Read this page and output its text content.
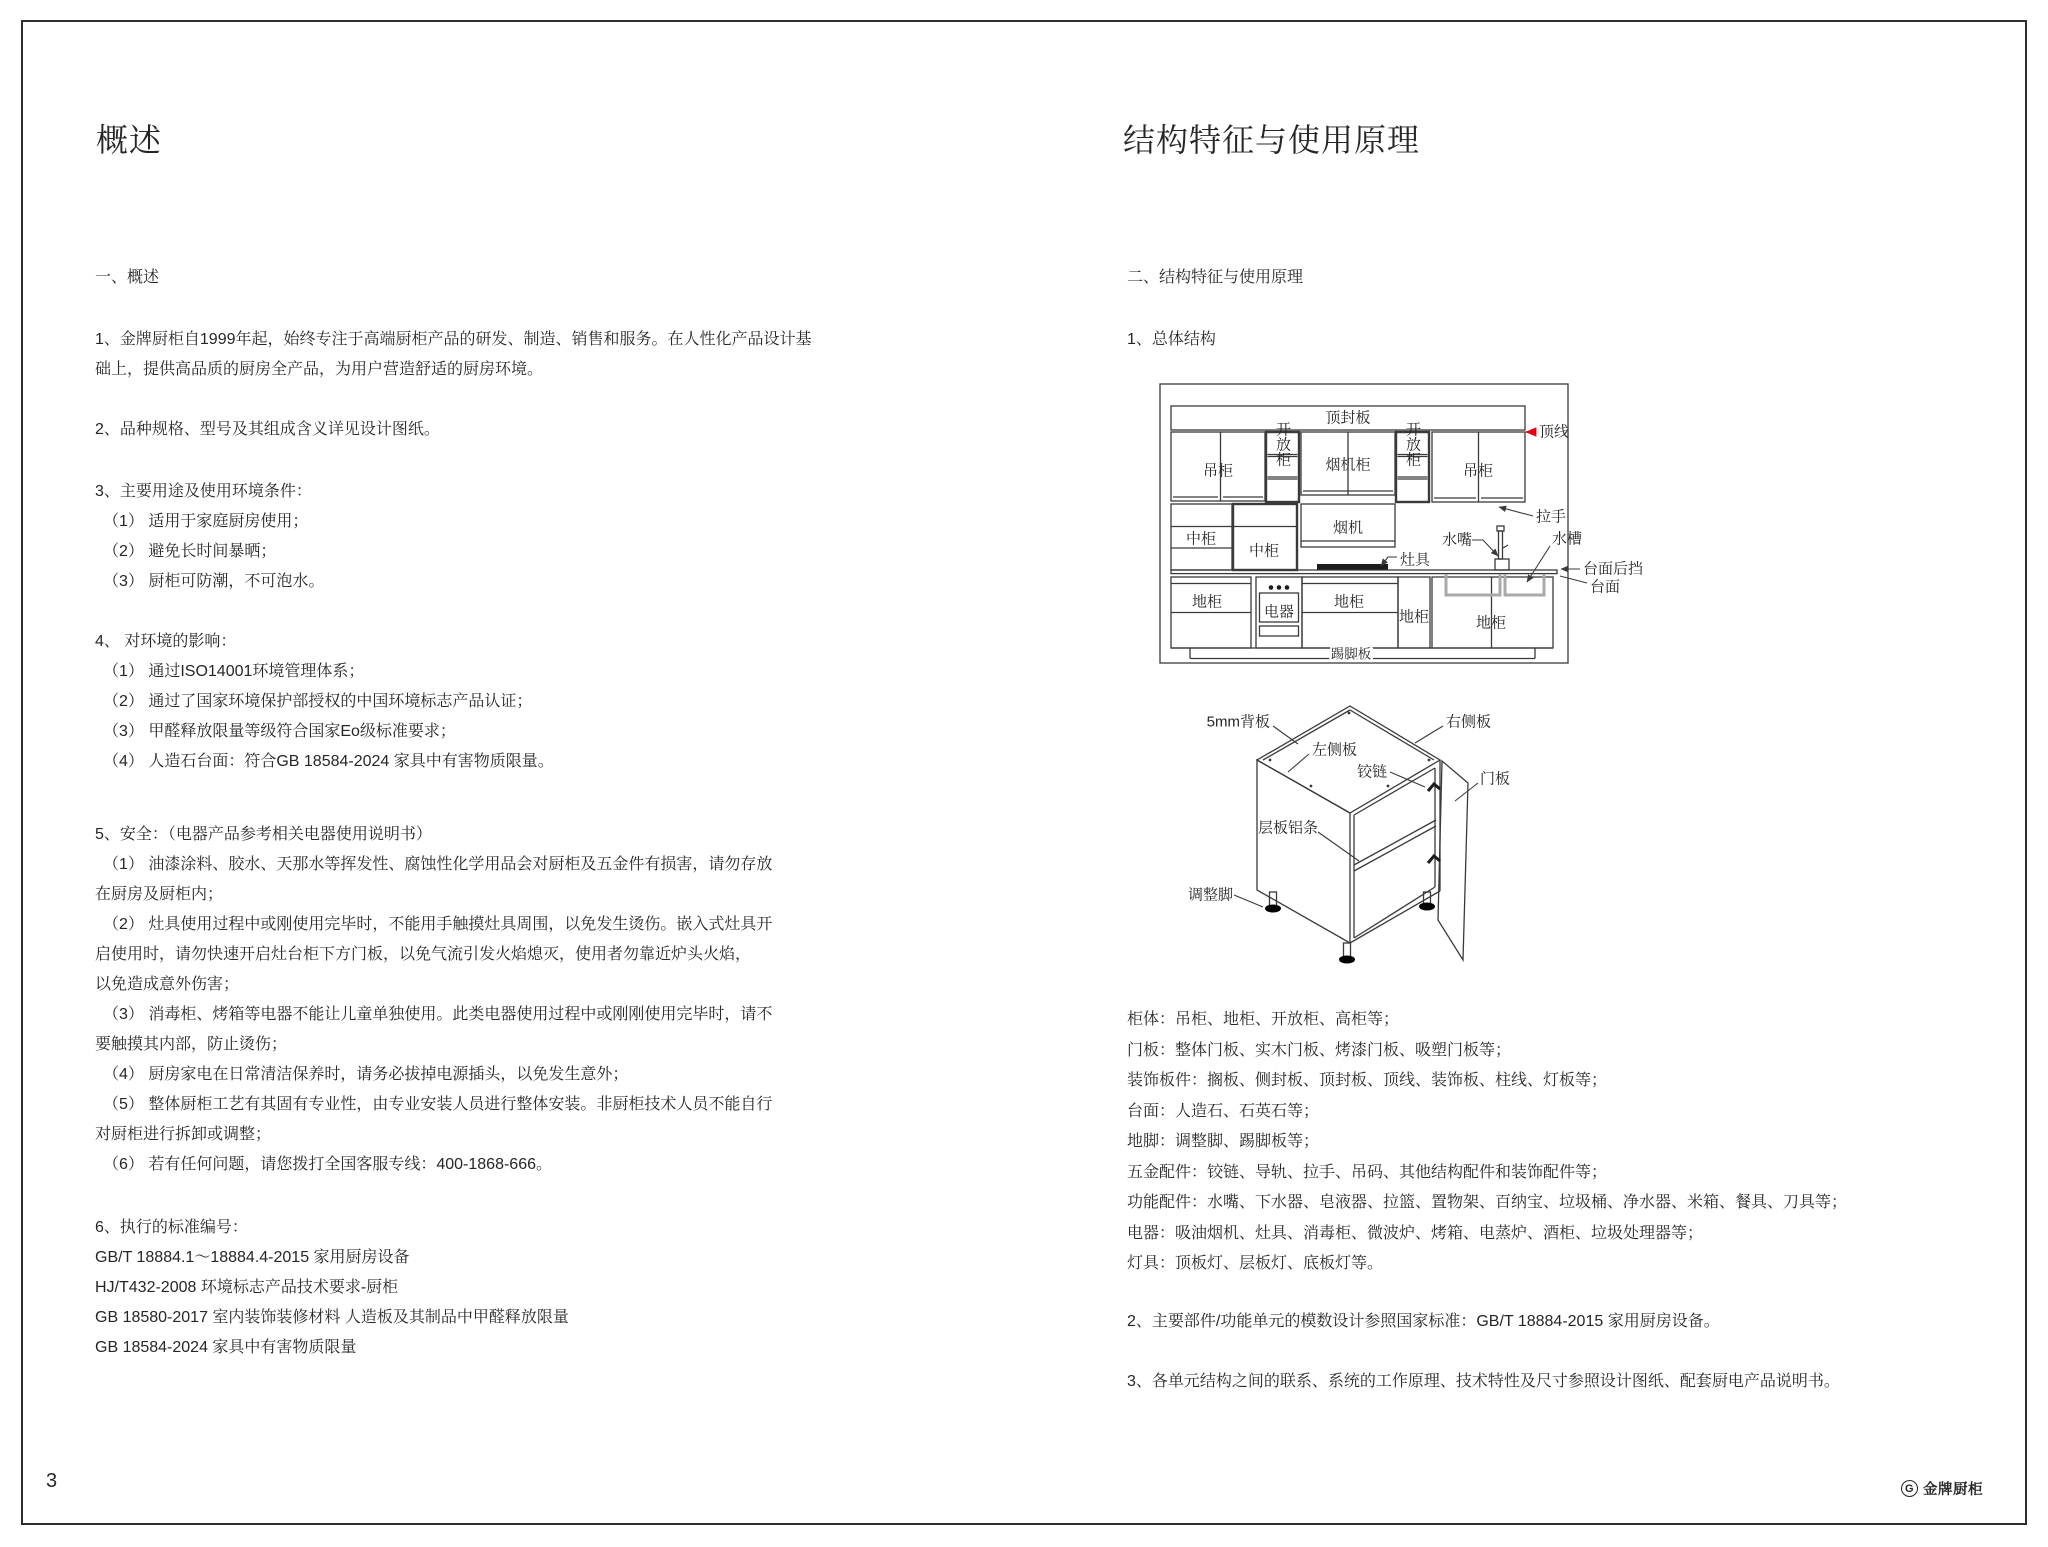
概述
一、概述
1、金牌厨柜自1999年起，始终专注于高端厨柜产品的研发、制造、销售和服务。在人性化产品设计基
础上，提供高品质的厨房全产品，为用户营造舒适的厨房环境。
2、品种规格、型号及其组成含义详见设计图纸。
3、主要用途及使用环境条件：
（1） 适用于家庭厨房使用；
（2） 避免长时间暴晒；
（3） 厨柜可防潮，不可泡水。
4、 对环境的影响：
（1） 通过ISO14001环境管理体系；
（2） 通过了国家环境保护部授权的中国环境标志产品认证；
（3） 甲醛释放限量等级符合国家Eo级标准要求；
（4） 人造石台面：符合GB 18584-2024 家具中有害物质限量。
5、安全：（电器产品参考相关电器使用说明书）
（1） 油漆涂料、胶水、天那水等挥发性、腐蚀性化学用品会对厨柜及五金件有损害，请勿存放
在厨房及厨柜内；
（2） 灶具使用过程中或刚使用完毕时，不能用手触摸灶具周围，以免发生烫伤。嵌入式灶具开
启使用时，请勿快速开启灶台柜下方门板，以免气流引发火焰熄灭，使用者勿靠近炉头火焰，
以免造成意外伤害；
（3） 消毒柜、烤箱等电器不能让儿童单独使用。此类电器使用过程中或刚刚使用完毕时，请不
要触摸其内部，防止烫伤；
（4） 厨房家电在日常清洁保养时，请务必拔掉电源插头，以免发生意外；
（5） 整体厨柜工艺有其固有专业性，由专业安装人员进行整体安装。非厨柜技术人员不能自行
对厨柜进行拆卸或调整；
（6） 若有任何问题，请您拨打全国客服专线：400-1868-666。
6、执行的标准编号：
GB/T 18884.1～18884.4-2015 家用厨房设备
HJ/T432-2008 环境标志产品技术要求-厨柜
GB 18580-2017 室内装饰装修材料 人造板及其制品中甲醛释放限量
GB 18584-2024 家具中有害物质限量
结构特征与使用原理
二、结构特征与使用原理
1、总体结构
顶封板
顶线
吊柜
开放柜 烟机柜 开放柜
吊柜
拉手
中柜
中柜
烟机
灶具
水嘴	水槽
台面后挡
台面
地柜
电器
地柜
地柜	地柜
踢脚板
5mm背板	右侧板
左侧板
铰链	门板
层板铝条
调整脚
柜体：吊柜、地柜、开放柜、高柜等；
门板：整体门板、实木门板、烤漆门板、吸塑门板等；
装饰板件：搁板、侧封板、顶封板、顶线、装饰板、柱线、灯板等；
台面：人造石、石英石等；
地脚：调整脚、踢脚板等；
五金配件：铰链、导轨、拉手、吊码、其他结构配件和装饰配件等；
功能配件：水嘴、下水器、皂液器、拉篮、置物架、百纳宝、垃圾桶、净水器、米箱、餐具、刀具等；
电器：吸油烟机、灶具、消毒柜、微波炉、烤箱、电蒸炉、酒柜、垃圾处理器等；
灯具：顶板灯、层板灯、底板灯等。
2、主要部件/功能单元的模数设计参照国家标准：GB/T 18884-2015 家用厨房设备。
3、各单元结构之间的联系、系统的工作原理、技术特性及尺寸参照设计图纸、配套厨电产品说明书。
3	G 金牌厨柜
